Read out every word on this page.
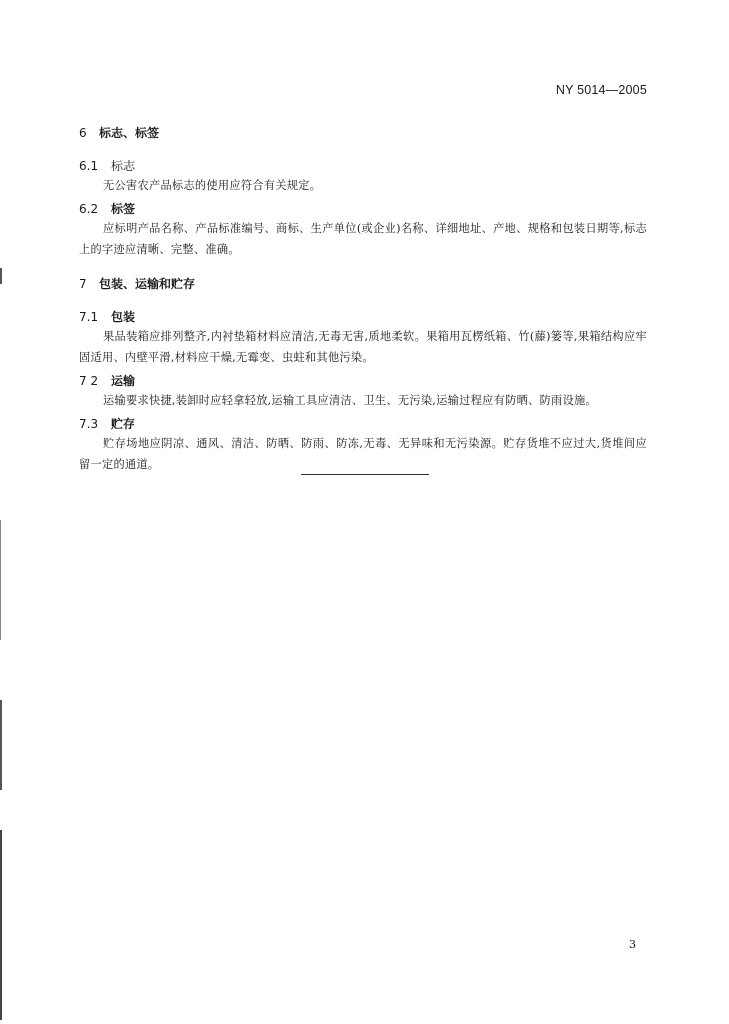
NY 5014—2005
6 标志、标签
6.1 标志
无公害农产品标志的使用应符合有关规定。
6.2 标签
应标明产品名称、产品标准编号、商标、生产单位(或企业)名称、详细地址、产地、规格和包装日期等,标志上的字迹应清晰、完整、准确。
7 包装、运输和贮存
7.1 包装
果品装箱应排列整齐,内衬垫箱材料应清洁,无毒无害,质地柔软。果箱用瓦楞纸箱、竹(藤)篓等,果箱结构应牢固适用、内壁平滑,材料应干燥,无霉变、虫蛀和其他污染。
7 2 运输
运输要求快捷,装卸时应轻拿轻放,运输工具应清洁、卫生、无污染,运输过程应有防晒、防雨设施。
7.3 贮存
贮存场地应阴凉、通风、清洁、防晒、防雨、防冻,无毒、无异味和无污染源。贮存货堆不应过大,货堆间应留一定的通道。
3
